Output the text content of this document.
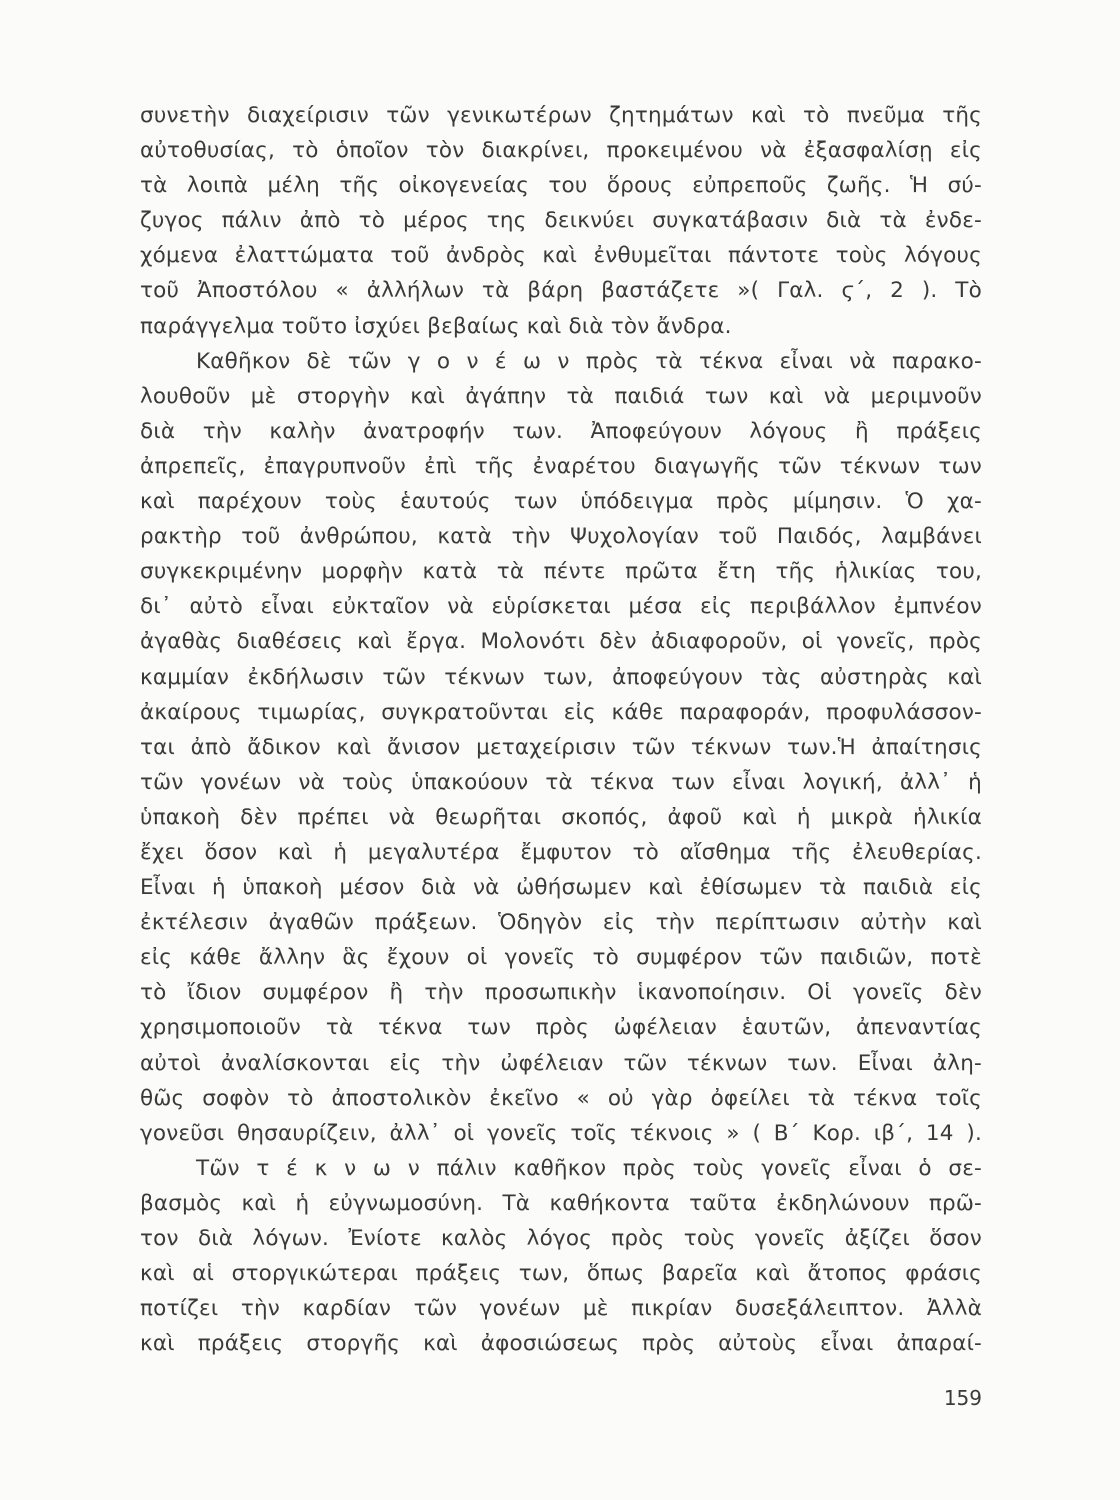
συνετὴν διαχείρισιν τῶν γενικωτέρων ζητημάτων καὶ τὸ πνεῦμα τῆς
αὐτοθυσίας, τὸ ὁποῖον τὸν διακρίνει, προκειμένου νὰ ἐξασφαλίσῃ εἰς
τὰ λοιπὰ μέλη τῆς οἰκογενείας του ὅρους εὐπρεποῦς ζωῆς. Ἡ σύ-
ζυγος πάλιν ἀπὸ τὸ μέρος της δεικνύει συγκατάβασιν διὰ τὰ ἐνδε-
χόμενα ἐλαττώματα τοῦ ἀνδρὸς καὶ ἐνθυμεῖται πάντοτε τοὺς λόγους
τοῦ Ἀποστόλου « ἀλλήλων τὰ βάρη βαστάζετε »( Γαλ. ϛ΄, 2 ). Τὸ
παράγγελμα τοῦτο ἰσχύει βεβαίως καὶ διὰ τὸν ἄνδρα.
Καθῆκον δὲ τῶν γ ο ν έ ω ν πρὸς τὰ τέκνα εἶναι νὰ παρακο-
λουθοῦν μὲ στοργὴν καὶ ἀγάπην τὰ παιδιά των καὶ νὰ μεριμνοῦν
διὰ τὴν καλὴν ἀνατροφήν των. Ἀποφεύγουν λόγους ἢ πράξεις
ἀπρεπεῖς, ἐπαγρυπνοῦν ἐπὶ τῆς ἐναρέτου διαγωγῆς τῶν τέκνων των
καὶ παρέχουν τοὺς ἑαυτούς των ὑπόδειγμα πρὸς μίμησιν. Ὁ χα-
ρακτὴρ τοῦ ἀνθρώπου, κατὰ τὴν Ψυχολογίαν τοῦ Παιδός, λαμβάνει
συγκεκριμένην μορφὴν κατὰ τὰ πέντε πρῶτα ἔτη τῆς ἡλικίας του,
δι᾽ αὐτὸ εἶναι εὐκταῖον νὰ εὑρίσκεται μέσα εἰς περιβάλλον ἐμπνέον
ἀγαθὰς διαθέσεις καὶ ἔργα. Μολονότι δὲν ἀδιαφοροῦν, οἱ γονεῖς, πρὸς
καμμίαν ἐκδήλωσιν τῶν τέκνων των, ἀποφεύγουν τὰς αὐστηρὰς καὶ
ἀκαίρους τιμωρίας, συγκρατοῦνται εἰς κάθε παραφοράν, προφυλάσσον-
ται ἀπὸ ἄδικον καὶ ἄνισον μεταχείρισιν τῶν τέκνων των.Ἡ ἀπαίτησις
τῶν γονέων νὰ τοὺς ὑπακούουν τὰ τέκνα των εἶναι λογική, ἀλλ᾽ ἡ
ὑπακοὴ δὲν πρέπει νὰ θεωρῆται σκοπός, ἀφοῦ καὶ ἡ μικρὰ ἡλικία
ἔχει ὅσον καὶ ἡ μεγαλυτέρα ἔμφυτον τὸ αἴσθημα τῆς ἐλευθερίας.
Εἶναι ἡ ὑπακοὴ μέσον διὰ νὰ ὠθήσωμεν καὶ ἐθίσωμεν τὰ παιδιὰ εἰς
ἐκτέλεσιν ἀγαθῶν πράξεων. Ὁδηγὸν εἰς τὴν περίπτωσιν αὐτὴν καὶ
εἰς κάθε ἄλλην ἃς ἔχουν οἱ γονεῖς τὸ συμφέρον τῶν παιδιῶν, ποτὲ
τὸ ἴδιον συμφέρον ἢ τὴν προσωπικὴν ἱκανοποίησιν. Οἱ γονεῖς δὲν
χρησιμοποιοῦν τὰ τέκνα των πρὸς ὠφέλειαν ἑαυτῶν, ἀπεναντίας
αὐτοὶ ἀναλίσκονται εἰς τὴν ὠφέλειαν τῶν τέκνων των. Εἶναι ἀλη-
θῶς σοφὸν τὸ ἀποστολικὸν ἐκεῖνο « οὐ γὰρ ὀφείλει τὰ τέκνα τοῖς
γονεῦσι θησαυρίζειν, ἀλλ᾽ οἱ γονεῖς τοῖς τέκνοις » ( Β΄ Κορ. ιβ΄, 14 ).
Τῶν τ έ κ ν ω ν πάλιν καθῆκον πρὸς τοὺς γονεῖς εἶναι ὁ σε-
βασμὸς καὶ ἡ εὐγνωμοσύνη. Τὰ καθήκοντα ταῦτα ἐκδηλώνουν πρῶ-
τον διὰ λόγων. Ἐνίοτε καλὸς λόγος πρὸς τοὺς γονεῖς ἀξίζει ὅσον
καὶ αἱ στοργικώτεραι πράξεις των, ὅπως βαρεῖα καὶ ἄτοπος φράσις
ποτίζει τὴν καρδίαν τῶν γονέων μὲ πικρίαν δυσεξάλειπτον. Ἀλλὰ
καὶ πράξεις στοργῆς καὶ ἀφοσιώσεως πρὸς αὐτοὺς εἶναι ἀπαραί-
159
